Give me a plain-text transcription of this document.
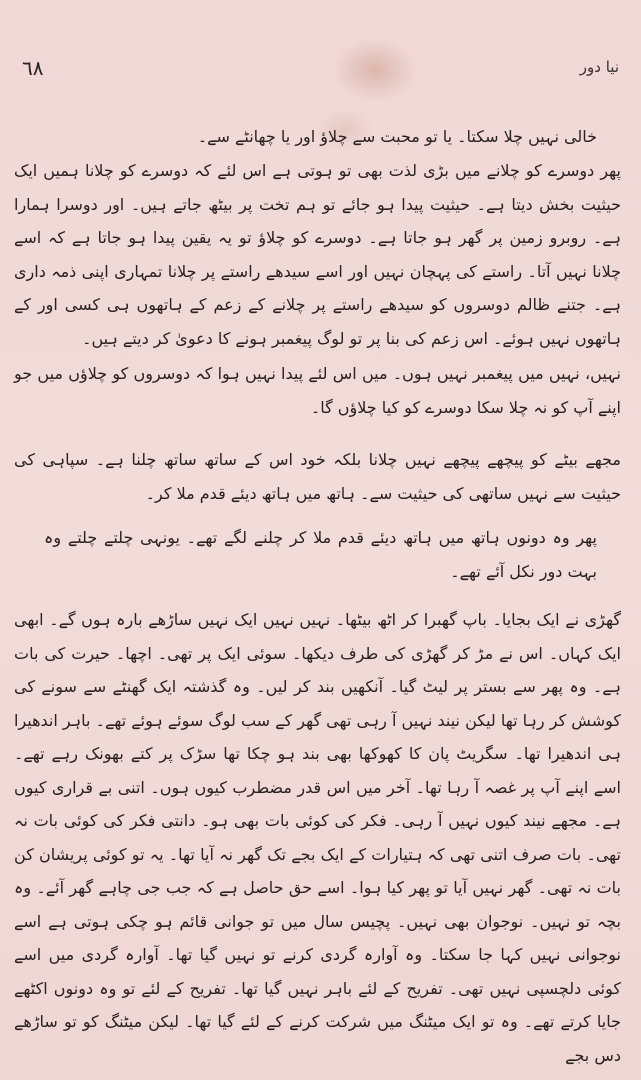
٦٨	نیا دور

خالی نہیں چلا سکتا۔ یا تو محبت سے چلاؤ اور یا چھانٹے سے۔

پھر دوسرے کو چلانے میں بڑی لذت بھی تو ہوتی ہے اس لئے کہ دوسرے کو چلانا ہمیں ایک حیثیت بخش دیتا ہے۔ حیثیت پیدا ہو جائے تو ہم تخت پر بیٹھ جاتے ہیں۔ اور دوسرا ہمارا ہے۔ روبرو زمین پر گھر ہو جاتا ہے۔ دوسرے کو چلاؤ تو یہ یقین پیدا ہو جاتا ہے کہ اسے چلانا نہیں آتا۔ راستے کی پہچان نہیں اور اسے سیدھے راستے پر چلانا تمہاری اپنی ذمہ داری ہے۔ جتنے ظالم دوسروں کو سیدھے راستے پر چلانے کے زعم کے ہاتھوں ہی کسی اور کے ہاتھوں نہیں ہوئے۔ اس زعم کی بنا پر تو لوگ پیغمبر ہونے کا دعویٰ کر دیتے ہیں۔

نہیں، نہیں میں پیغمبر نہیں ہوں۔ میں اس لئے پیدا نہیں ہوا کہ دوسروں کو چلاؤں میں جو اپنے آپ کو نہ چلا سکا دوسرے کو کیا چلاؤں گا۔

مجھے بیٹے کو پیچھے پیچھے نہیں چلانا بلکہ خود اس کے ساتھ ساتھ چلنا ہے۔ سپاہی کی حیثیت سے نہیں ساتھی کی حیثیت سے۔ ہاتھ میں ہاتھ دیئے قدم ملا کر۔

پھر وہ دونوں ہاتھ میں ہاتھ دیئے قدم ملا کر چلنے لگے تھے۔ یونہی چلتے چلتے وہ بہت دور نکل آئے تھے۔

گھڑی نے ایک بجایا۔ باپ گھبرا کر اٹھ بیٹھا۔ نہیں نہیں ایک نہیں ساڑھے بارہ ہوں گے۔ ابھی ایک کہاں۔ اس نے مڑ کر گھڑی کی طرف دیکھا۔ سوئی ایک پر تھی۔ اچھا۔ حیرت کی بات ہے۔ وہ پھر سے بستر پر لیٹ گیا۔ آنکھیں بند کر لیں۔ وہ گذشتہ ایک گھنٹے سے سونے کی کوشش کر رہا تھا لیکن نیند نہیں آ رہی تھی گھر کے سب لوگ سوئے ہوئے تھے۔ باہر اندھیرا ہی اندھیرا تھا۔ سگریٹ پان کا کھوکھا بھی بند ہو چکا تھا سڑک پر کتے بھونک رہے تھے۔ اسے اپنے آپ پر غصہ آ رہا تھا۔ آخر میں اس قدر مضطرب کیوں ہوں۔ اتنی بے قراری کیوں ہے۔ مجھے نیند کیوں نہیں آ رہی۔ فکر کی کوئی بات بھی ہو۔ دانتی فکر کی کوئی بات نہ تھی۔ بات صرف اتنی تھی کہ ہتیارات کے ایک بجے تک گھر نہ آیا تھا۔ یہ تو کوئی پریشان کن بات نہ تھی۔ گھر نہیں آیا تو پھر کیا ہوا۔ اسے حق حاصل ہے کہ جب جی چاہے گھر آئے۔ وہ بچہ تو نہیں۔ نوجوان بھی نہیں۔ پچیس سال میں تو جوانی قائم ہو چکی ہوتی ہے اسے نوجوانی نہیں کہا جا سکتا۔ وہ آوارہ گردی کرنے تو نہیں گیا تھا۔ آوارہ گردی میں اسے کوئی دلچسپی نہیں تھی۔ تفریح کے لئے باہر نہیں گیا تھا۔ تفریح کے لئے تو وہ دونوں اکٹھے جایا کرتے تھے۔ وہ تو ایک میٹنگ میں شرکت کرنے کے لئے گیا تھا۔ لیکن میٹنگ کو تو ساڑھے دس بجے
